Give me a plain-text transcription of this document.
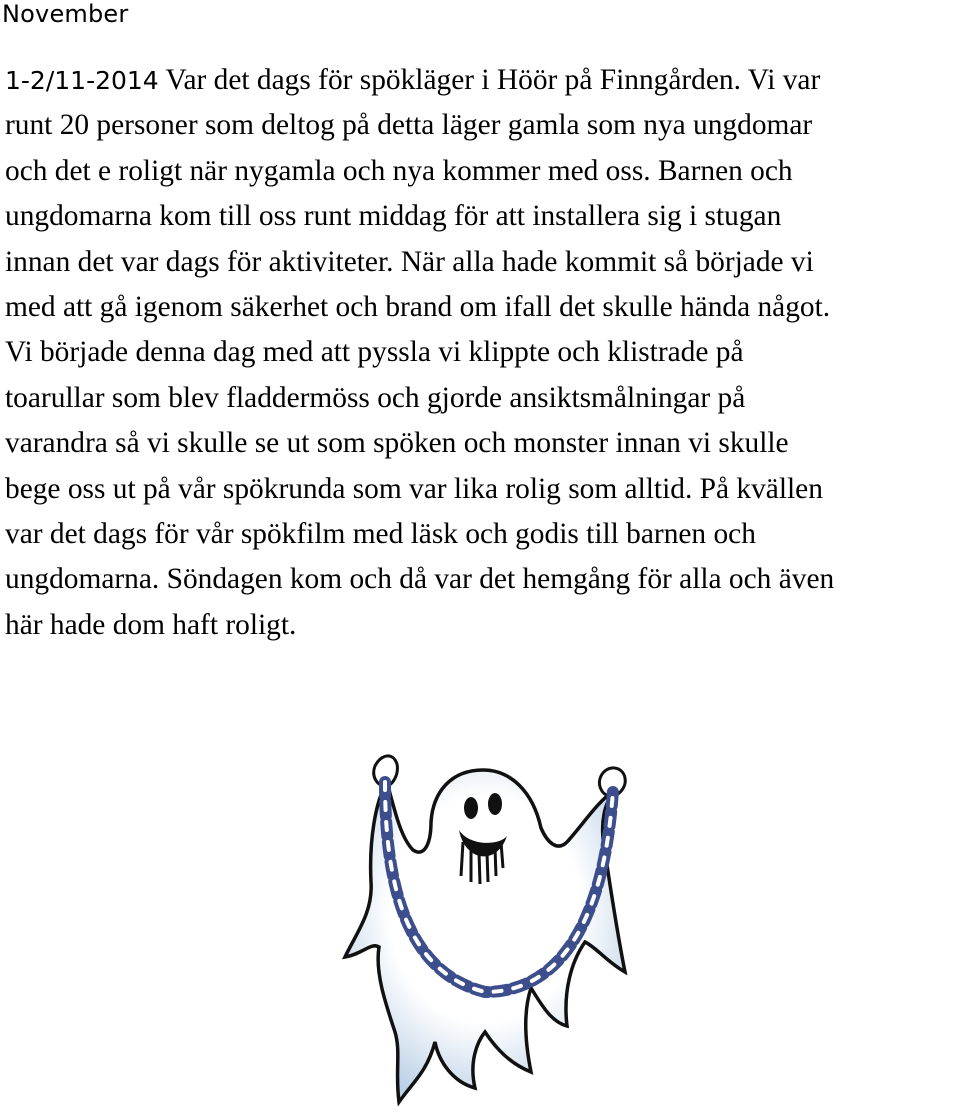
November

1-2/11-2014 Var det dags för spökläger i Höör på Finngården. Vi var
runt 20 personer som deltog på detta läger gamla som nya ungdomar
och det e roligt när nygamla och nya kommer med oss. Barnen och
ungdomarna kom till oss runt middag för att installera sig i stugan
innan det var dags för aktiviteter. När alla hade kommit så började vi
med att gå igenom säkerhet och brand om ifall det skulle hända något.
Vi började denna dag med att pyssla vi klippte och klistrade på
toarullar som blev fladdermöss och gjorde ansiktsmålningar på
varandra så vi skulle se ut som spöken och monster innan vi skulle
bege oss ut på vår spökrunda som var lika rolig som alltid. På kvällen
var det dags för vår spökfilm med läsk och godis till barnen och
ungdomarna. Söndagen kom och då var det hemgång för alla och även
här hade dom haft roligt.
